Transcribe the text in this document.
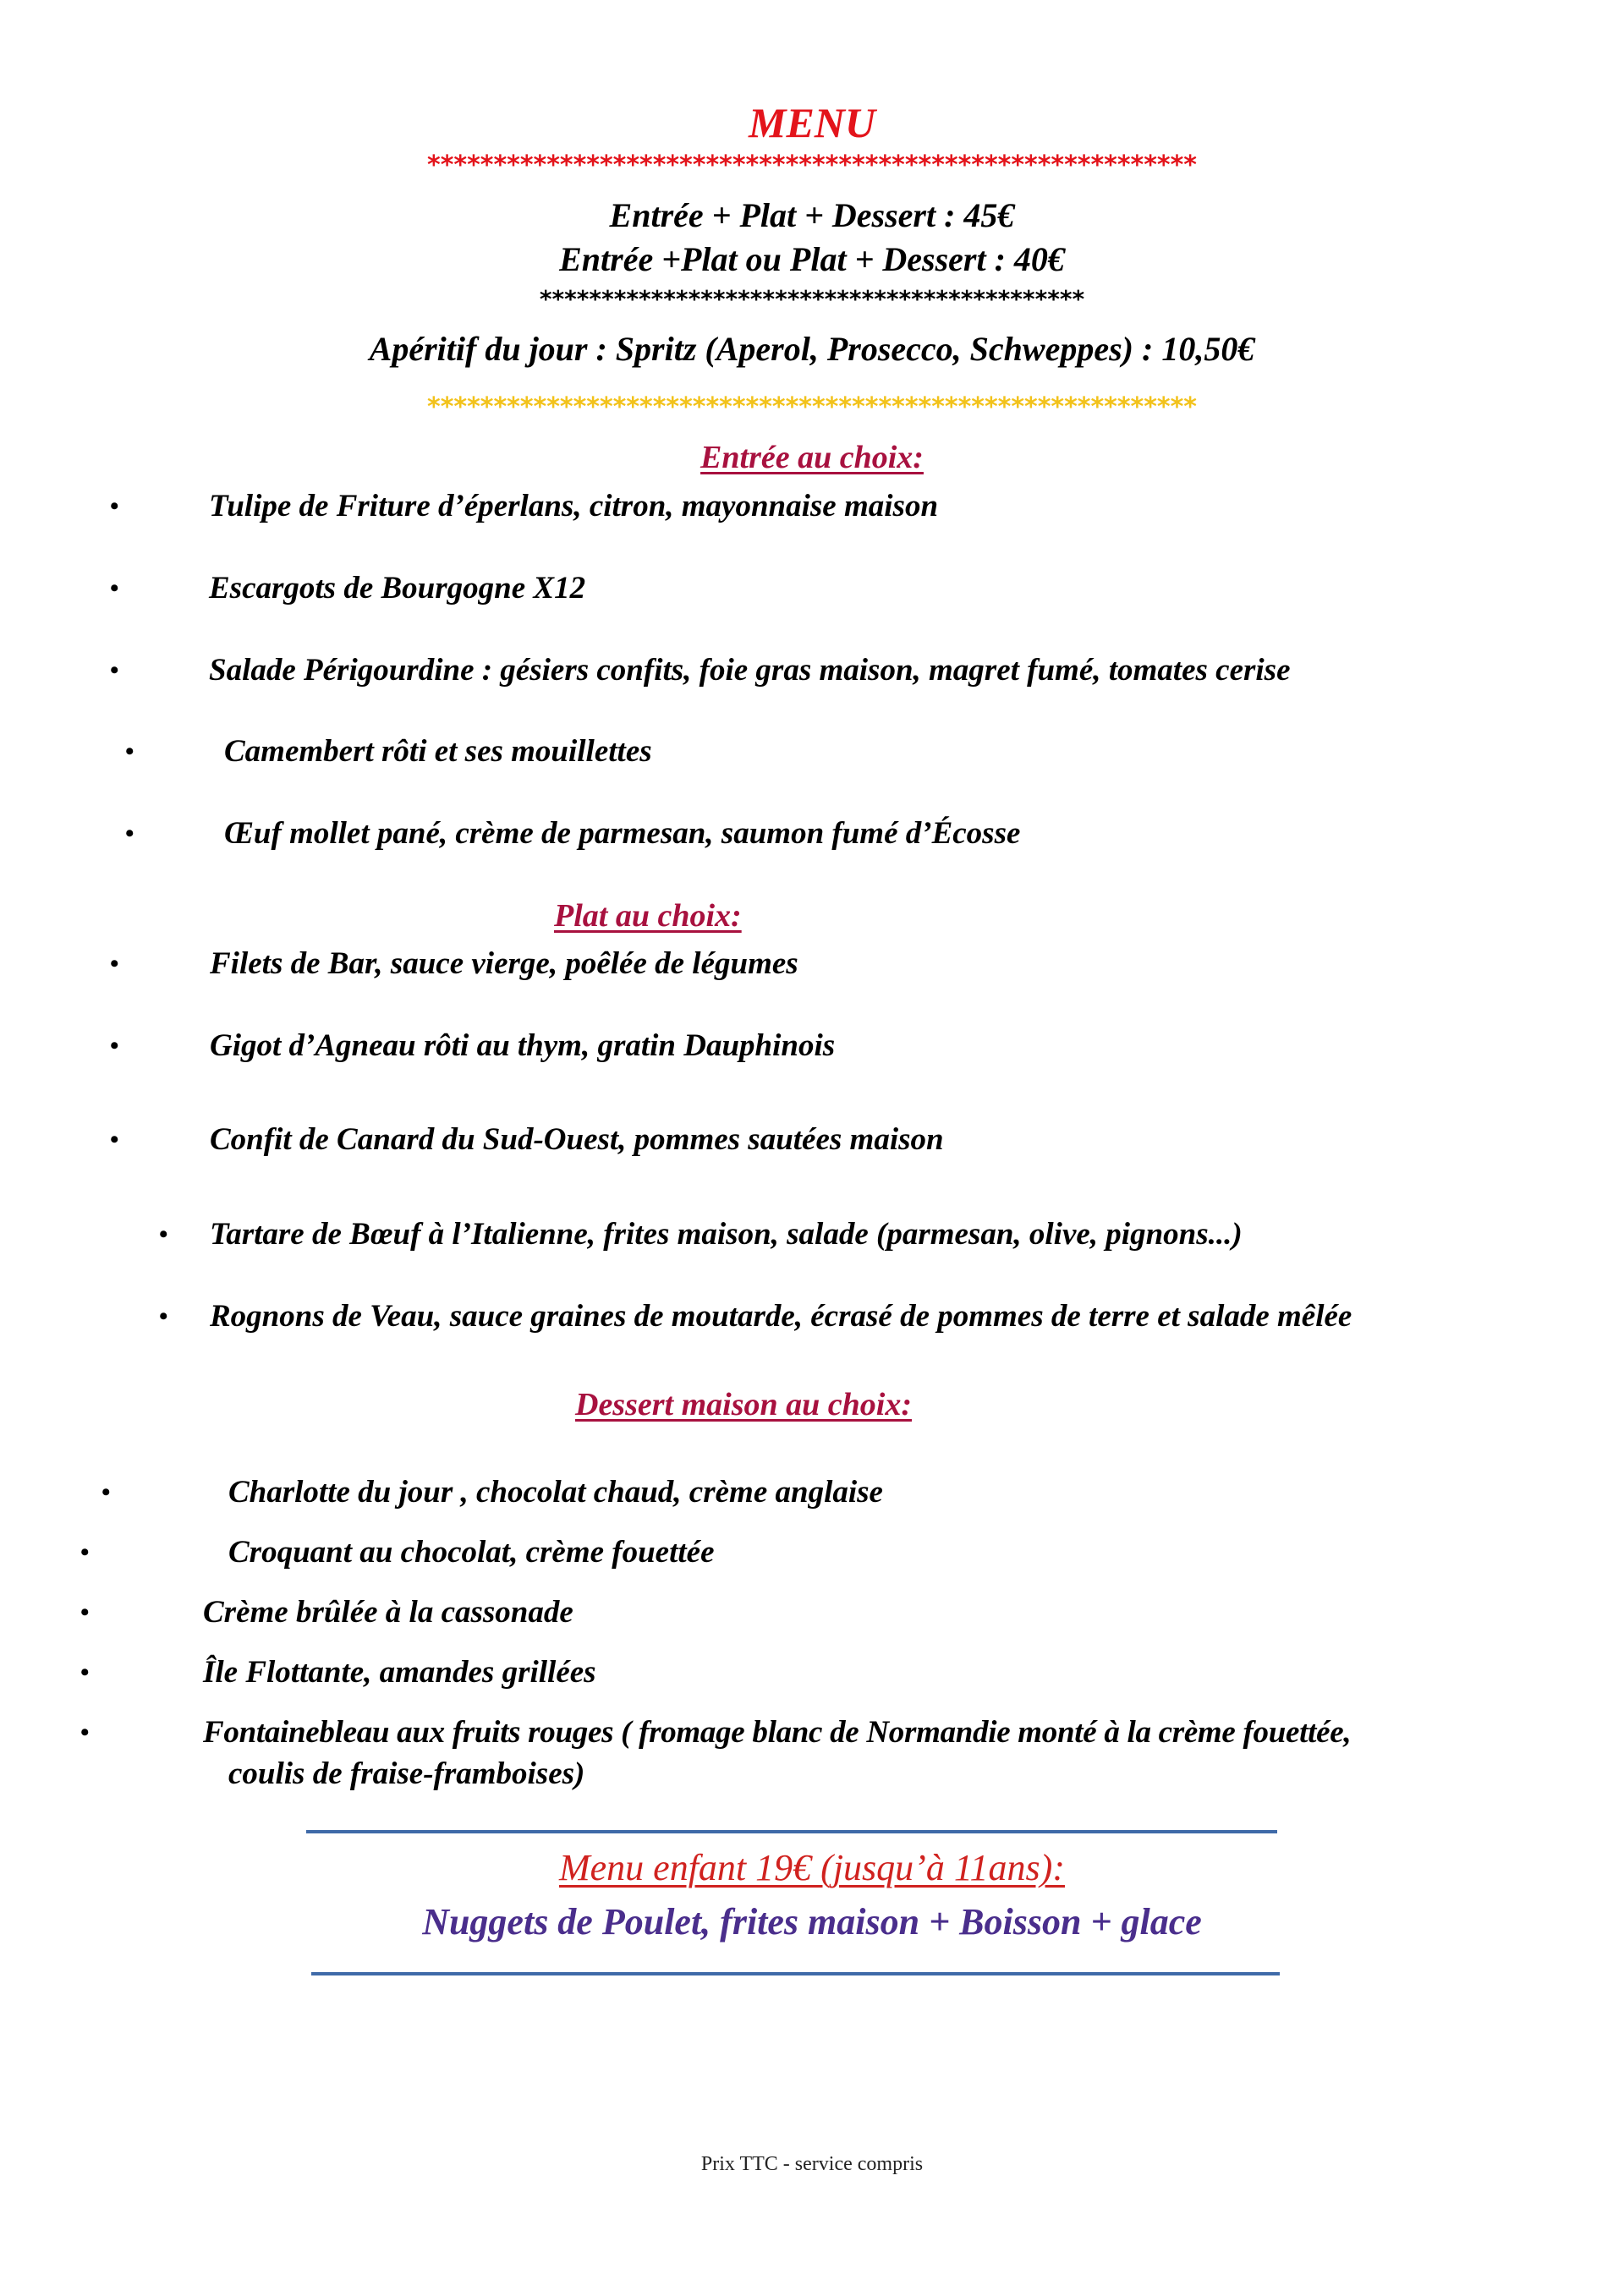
MENU
**********************************************************
Entrée + Plat + Dessert : 45€
Entrée +Plat ou Plat + Dessert : 40€
********************************************
Apéritif du jour : Spritz (Aperol, Prosecco, Schweppes) : 10,50€
**********************************************************
Entrée au choix:
•	Tulipe de Friture d’éperlans, citron, mayonnaise maison
•	Escargots de Bourgogne X12
•	Salade Périgourdine : gésiers confits, foie gras maison, magret fumé, tomates cerise
•	Camembert rôti et ses mouillettes
•	Œuf mollet pané, crème de parmesan, saumon fumé d’Écosse
Plat au choix:
•	Filets de Bar, sauce vierge, poêlée de légumes
•	Gigot d’Agneau rôti au thym, gratin Dauphinois
•	Confit de Canard du Sud-Ouest, pommes sautées maison
• Tartare de Bœuf à l’Italienne, frites maison, salade (parmesan, olive, pignons...)
• Rognons de Veau, sauce graines de moutarde, écrasé de pommes de terre et salade mêlée
Dessert maison au choix:
•	Charlotte du jour , chocolat chaud, crème anglaise
•	Croquant au chocolat, crème fouettée
•	Crème brûlée à la cassonade
•	Île Flottante, amandes grillées
•	Fontainebleau aux fruits rouges ( fromage blanc de Normandie monté à la crème fouettée,
coulis de fraise-framboises)
Menu enfant 19€ (jusqu’à 11ans):
Nuggets de Poulet, frites maison + Boisson + glace
Prix TTC - service compris
